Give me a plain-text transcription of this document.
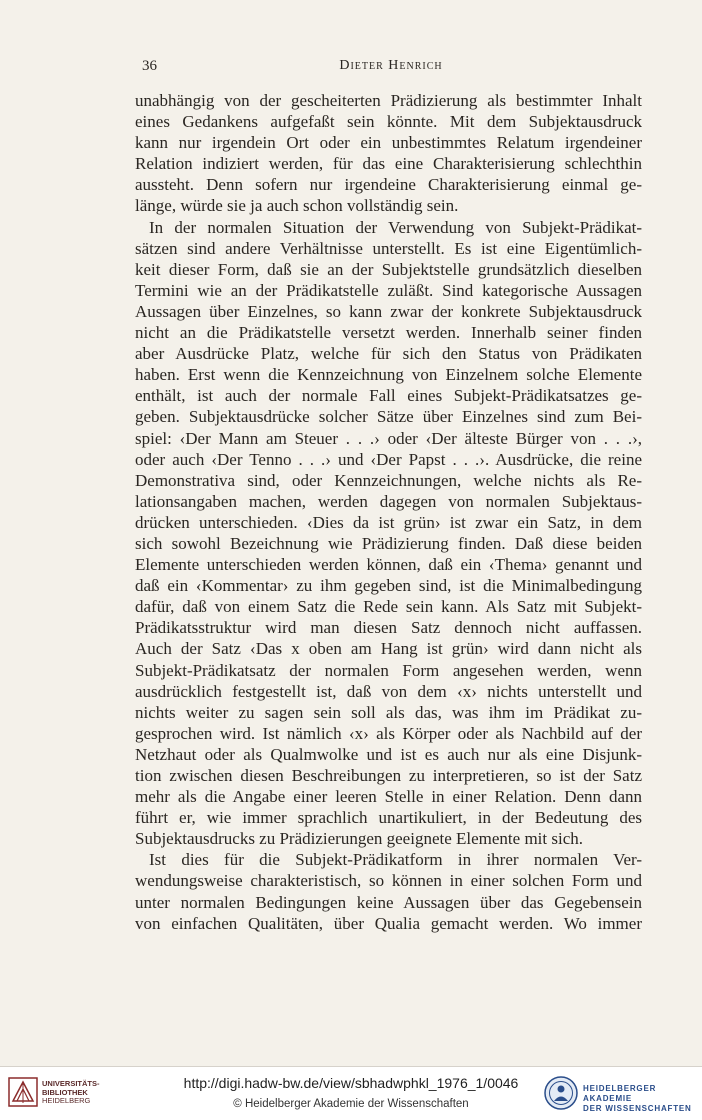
36	Dieter Henrich
unabhängig von der gescheiterten Prädizierung als bestimmter Inhalt
eines Gedankens aufgefaßt sein könnte. Mit dem Subjektausdruck
kann nur irgendein Ort oder ein unbestimmtes Relatum irgendeiner
Relation indiziert werden, für das eine Charakterisierung schlechthin
aussteht. Denn sofern nur irgendeine Charakterisierung einmal ge-
länge, würde sie ja auch schon vollständig sein.
In der normalen Situation der Verwendung von Subjekt-Prädikat-
sätzen sind andere Verhältnisse unterstellt. Es ist eine Eigentümlich-
keit dieser Form, daß sie an der Subjektstelle grundsätzlich dieselben
Termini wie an der Prädikatstelle zuläßt. Sind kategorische Aussagen
Aussagen über Einzelnes, so kann zwar der konkrete Subjektausdruck
nicht an die Prädikatstelle versetzt werden. Innerhalb seiner finden
aber Ausdrücke Platz, welche für sich den Status von Prädikaten
haben. Erst wenn die Kennzeichnung von Einzelnem solche Elemente
enthält, ist auch der normale Fall eines Subjekt-Prädikatsatzes ge-
geben. Subjektausdrücke solcher Sätze über Einzelnes sind zum Bei-
spiel: ‹Der Mann am Steuer . . .› oder ‹Der älteste Bürger von . . .›,
oder auch ‹Der Tenno . . .› und ‹Der Papst . . .›. Ausdrücke, die reine
Demonstrativa sind, oder Kennzeichnungen, welche nichts als Re-
lationsangaben machen, werden dagegen von normalen Subjektaus-
drücken unterschieden. ‹Dies da ist grün› ist zwar ein Satz, in dem
sich sowohl Bezeichnung wie Prädizierung finden. Daß diese beiden
Elemente unterschieden werden können, daß ein ‹Thema› genannt und
daß ein ‹Kommentar› zu ihm gegeben sind, ist die Minimalbedingung
dafür, daß von einem Satz die Rede sein kann. Als Satz mit Subjekt-
Prädikatsstruktur wird man diesen Satz dennoch nicht auffassen.
Auch der Satz ‹Das x oben am Hang ist grün› wird dann nicht als
Subjekt-Prädikatsatz der normalen Form angesehen werden, wenn
ausdrücklich festgestellt ist, daß von dem ‹x› nichts unterstellt und
nichts weiter zu sagen sein soll als das, was ihm im Prädikat zu-
gesprochen wird. Ist nämlich ‹x› als Körper oder als Nachbild auf der
Netzhaut oder als Qualmwolke und ist es auch nur als eine Disjunk-
tion zwischen diesen Beschreibungen zu interpretieren, so ist der Satz
mehr als die Angabe einer leeren Stelle in einer Relation. Denn dann
führt er, wie immer sprachlich unartikuliert, in der Bedeutung des
Subjektausdrucks zu Prädizierungen geeignete Elemente mit sich.
Ist dies für die Subjekt-Prädikatform in ihrer normalen Ver-
wendungsweise charakteristisch, so können in einer solchen Form und
unter normalen Bedingungen keine Aussagen über das Gegebensein
von einfachen Qualitäten, über Qualia gemacht werden. Wo immer
UNIVERSITÄTS-
BIBLIOTHEK
HEIDELBERG
http://digi.hadw-bw.de/view/sbhadwphkl_1976_1/0046
© Heidelberger Akademie der Wissenschaften
HEIDELBERGER AKADEMIE
DER WISSENSCHAFTEN
